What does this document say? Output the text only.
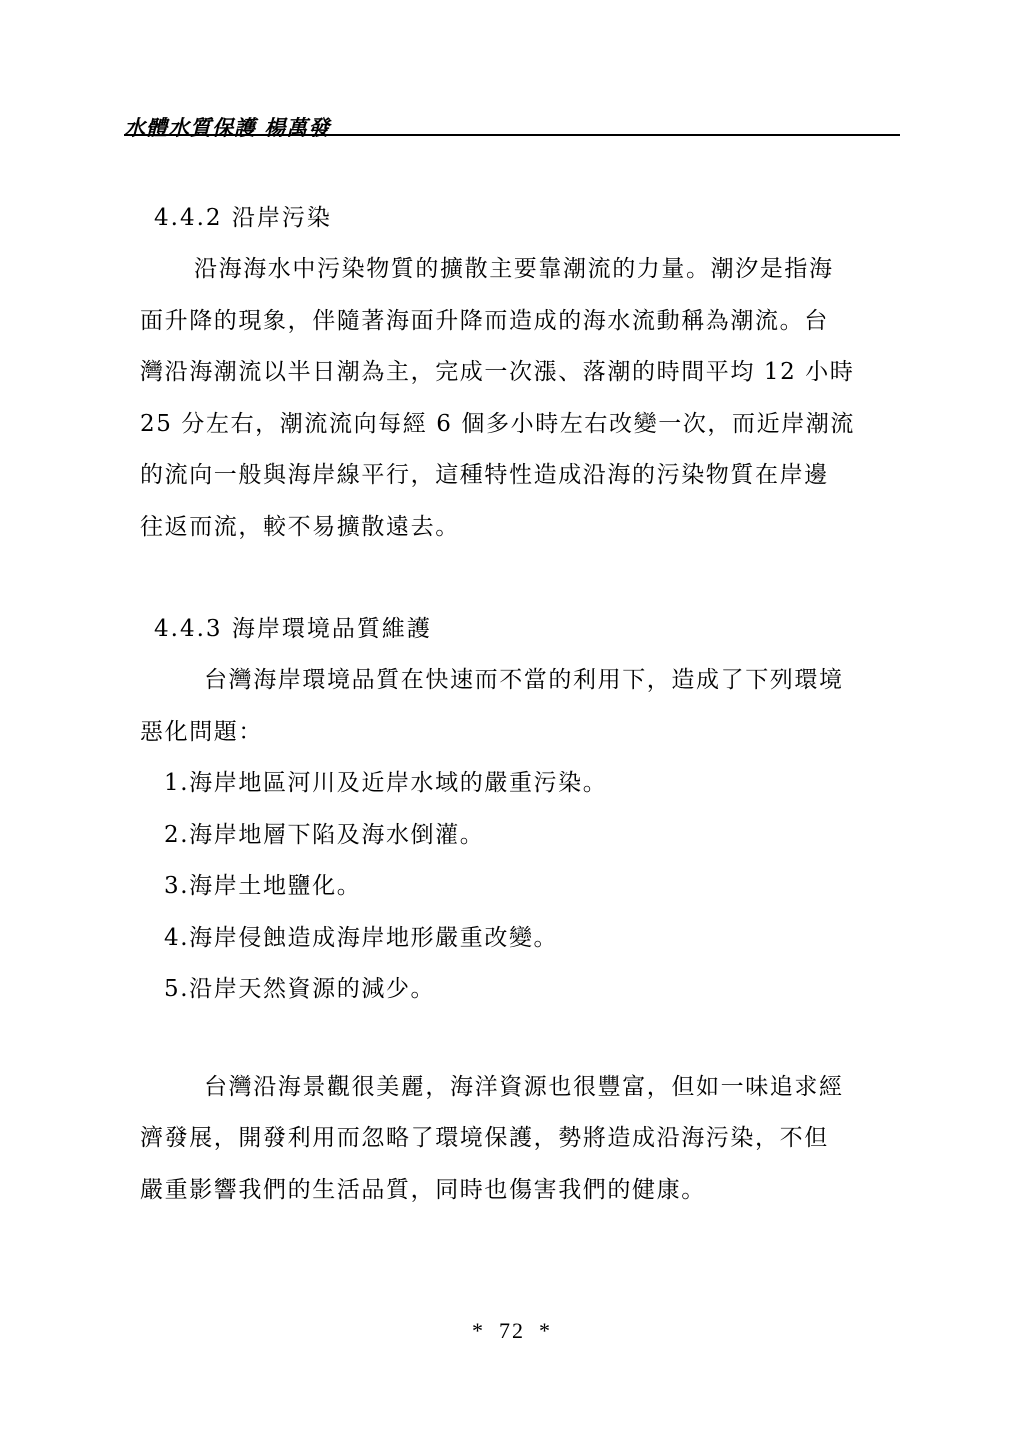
水體水質保護 楊萬發
4.4.2 沿岸污染

沿海海水中污染物質的擴散主要靠潮流的力量。潮汐是指海
面升降的現象，伴隨著海面升降而造成的海水流動稱為潮流。台
灣沿海潮流以半日潮為主，完成一次漲、落潮的時間平均 12 小時
25 分左右，潮流流向每經 6 個多小時左右改變一次，而近岸潮流
的流向一般與海岸線平行，這種特性造成沿海的污染物質在岸邊
往返而流，較不易擴散遠去。

4.4.3 海岸環境品質維護

台灣海岸環境品質在快速而不當的利用下，造成了下列環境
惡化問題：

1.海岸地區河川及近岸水域的嚴重污染。
2.海岸地層下陷及海水倒灌。
3.海岸土地鹽化。
4.海岸侵蝕造成海岸地形嚴重改變。
5.沿岸天然資源的減少。

台灣沿海景觀很美麗，海洋資源也很豐富，但如一味追求經
濟發展，開發利用而忽略了環境保護，勢將造成沿海污染，不但
嚴重影響我們的生活品質，同時也傷害我們的健康。

* 72 *
